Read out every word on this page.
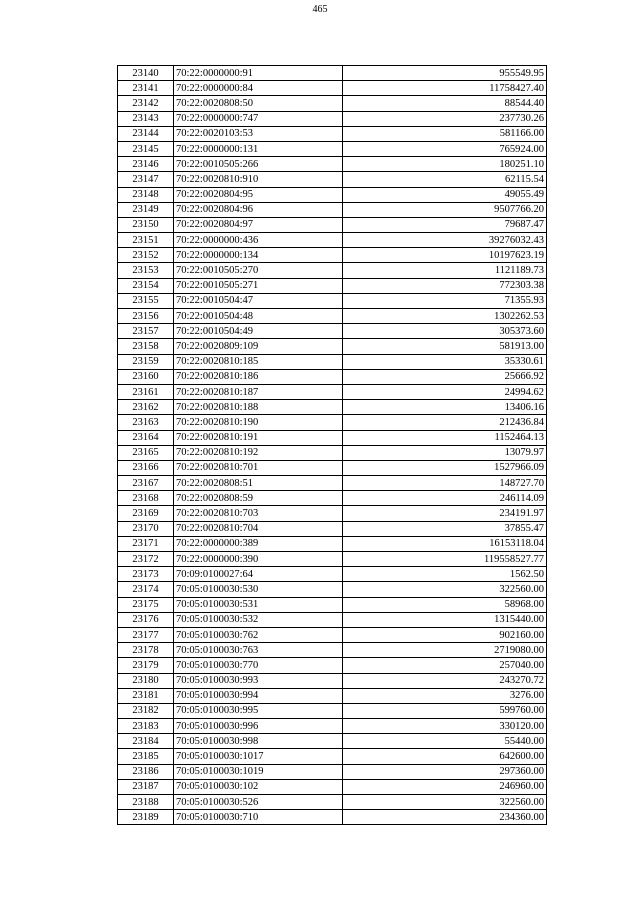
465
23140	70:22:0000000:91	955549.95
23141	70:22:0000000:84	11758427.40
23142	70:22:0020808:50	88544.40
23143	70:22:0000000:747	237730.26
23144	70:22:0020103:53	581166.00
23145	70:22:0000000:131	765924.00
23146	70:22:0010505:266	180251.10
23147	70:22:0020810:910	62115.54
23148	70:22:0020804:95	49055.49
23149	70:22:0020804:96	9507766.20
23150	70:22:0020804:97	79687.47
23151	70:22:0000000:436	39276032.43
23152	70:22:0000000:134	10197623.19
23153	70:22:0010505:270	1121189.73
23154	70:22:0010505:271	772303.38
23155	70:22:0010504:47	71355.93
23156	70:22:0010504:48	1302262.53
23157	70:22:0010504:49	305373.60
23158	70:22:0020809:109	581913.00
23159	70:22:0020810:185	35330.61
23160	70:22:0020810:186	25666.92
23161	70:22:0020810:187	24994.62
23162	70:22:0020810:188	13406.16
23163	70:22:0020810:190	212436.84
23164	70:22:0020810:191	1152464.13
23165	70:22:0020810:192	13079.97
23166	70:22:0020810:701	1527966.09
23167	70:22:0020808:51	148727.70
23168	70:22:0020808:59	246114.09
23169	70:22:0020810:703	234191.97
23170	70:22:0020810:704	37855.47
23171	70:22:0000000:389	16153118.04
23172	70:22:0000000:390	119558527.77
23173	70:09:0100027:64	1562.50
23174	70:05:0100030:530	322560.00
23175	70:05:0100030:531	58968.00
23176	70:05:0100030:532	1315440.00
23177	70:05:0100030:762	902160.00
23178	70:05:0100030:763	2719080.00
23179	70:05:0100030:770	257040.00
23180	70:05:0100030:993	243270.72
23181	70:05:0100030:994	3276.00
23182	70:05:0100030:995	599760.00
23183	70:05:0100030:996	330120.00
23184	70:05:0100030:998	55440.00
23185	70:05:0100030:1017	642600.00
23186	70:05:0100030:1019	297360.00
23187	70:05:0100030:102	246960.00
23188	70:05:0100030:526	322560.00
23189	70:05:0100030:710	234360.00
